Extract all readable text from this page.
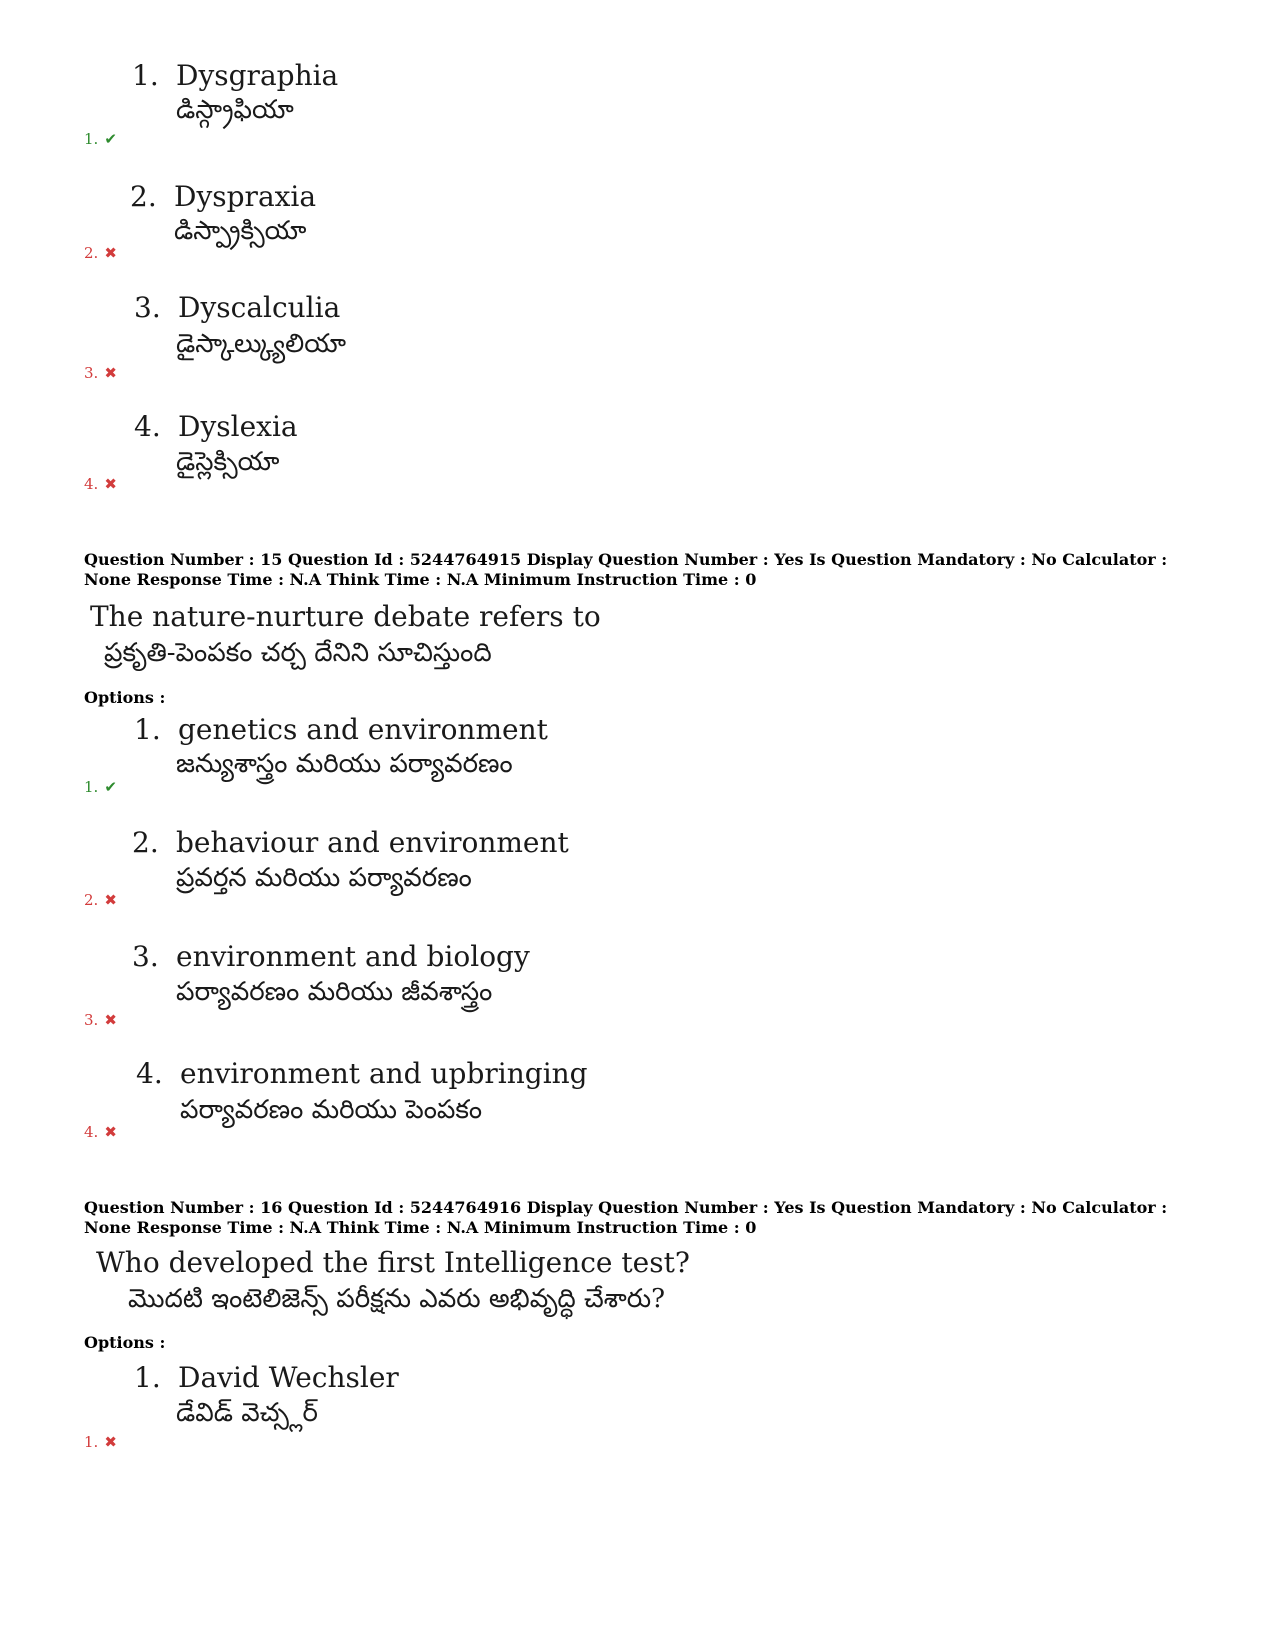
1. Dysgraphia
డిస్గ్రాఫియా
1. ✔
2. Dyspraxia
డిస్ప్రాక్సియా
2. ✖
3. Dyscalculia
డైస్కాల్క్యులియా
3. ✖
4. Dyslexia
డైస్లెక్సియా
4. ✖
Question Number : 15 Question Id : 5244764915 Display Question Number : Yes Is Question Mandatory : No Calculator : None Response Time : N.A Think Time : N.A Minimum Instruction Time : 0
The nature-nurture debate refers to
ప్రకృతి-పెంపకం చర్చ దేనిని సూచిస్తుంది
Options :
1. genetics and environment
జన్యుశాస్త్రం మరియు పర్యావరణం
1. ✔
2. behaviour and environment
ప్రవర్తన మరియు పర్యావరణం
2. ✖
3. environment and biology
పర్యావరణం మరియు జీవశాస్త్రం
3. ✖
4. environment and upbringing
పర్యావరణం మరియు పెంపకం
4. ✖
Question Number : 16 Question Id : 5244764916 Display Question Number : Yes Is Question Mandatory : No Calculator : None Response Time : N.A Think Time : N.A Minimum Instruction Time : 0
Who developed the first Intelligence test?
మొదటి ఇంటెలిజెన్స్ పరీక్షను ఎవరు అభివృద్ధి చేశారు?
Options :
1. David Wechsler
డేవిడ్ వెచ్స్లర్
1. ✖
